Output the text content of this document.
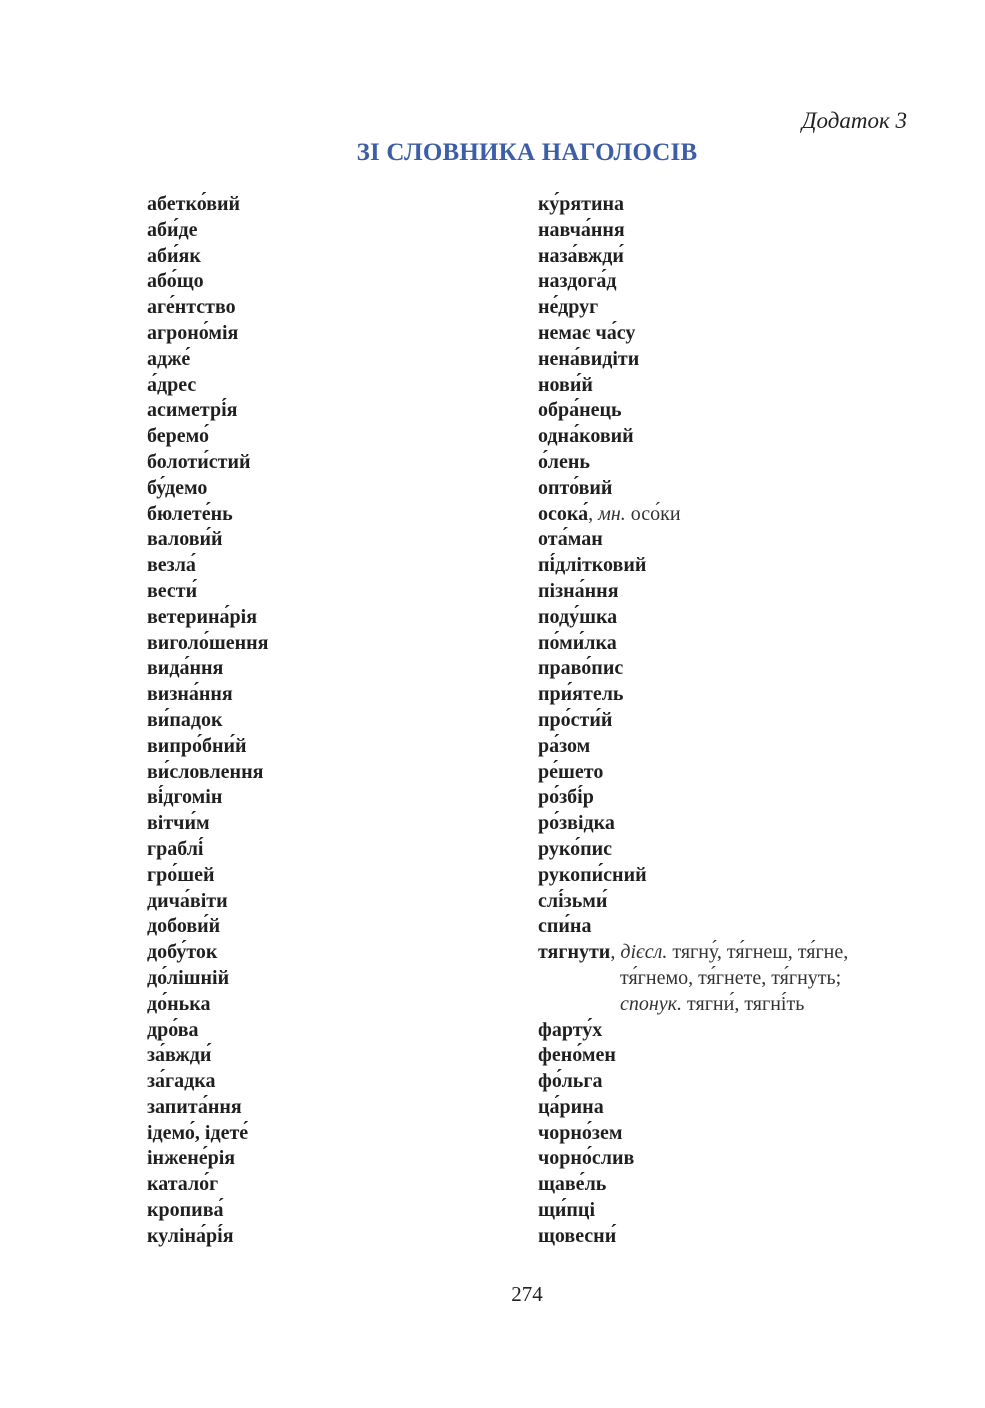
Додаток 3
ЗІ СЛОВНИКА НАГОЛОСІВ
абетко́вий
аби́де
аби́як
або́що
аге́нтство
агроно́мія
адже́
а́дрес
асиметрі́я
беремо́
болоти́стий
бу́демо
бюлете́нь
валови́й
везла́
вести́
ветерина́рія
виголо́шення
вида́ння
визна́ння
ви́падок
випро́бни́й
ви́словлення
ві́дгомін
вітчи́м
граблі́
гро́шей
дича́віти
добови́й
добу́ток
до́лішній
до́нька
дро́ва
за́вжди́
за́гадка
запита́ння
ідемо́, ідете́
інжене́рія
катало́г
кропива́
куліна́рі́я
ку́рятина
навча́ння
наза́вжди́
наздога́д
не́друг
немає ча́су
нена́видіти
нови́й
обра́нець
одна́ковий
о́лень
опто́вий
осока́, мн. осо́ки
ота́ман
пі́длітковий
пізна́ння
поду́шка
по́ми́лка
право́пис
при́ятель
про́сти́й
ра́зом
ре́шето
ро́збі́р
ро́звідка
руко́пис
рукопи́сний
слі́зьми́
спи́на
тягнути, дієсл. тягну́, тя́гнеш, тя́гне,
тя́гнемо, тя́гнете, тя́гнуть;
спонук. тягни́, тягні́ть
фарту́х
фено́мен
фо́льга
ца́рина
чорно́зем
чорно́слив
щаве́ль
щи́пці
щовесни́
274
